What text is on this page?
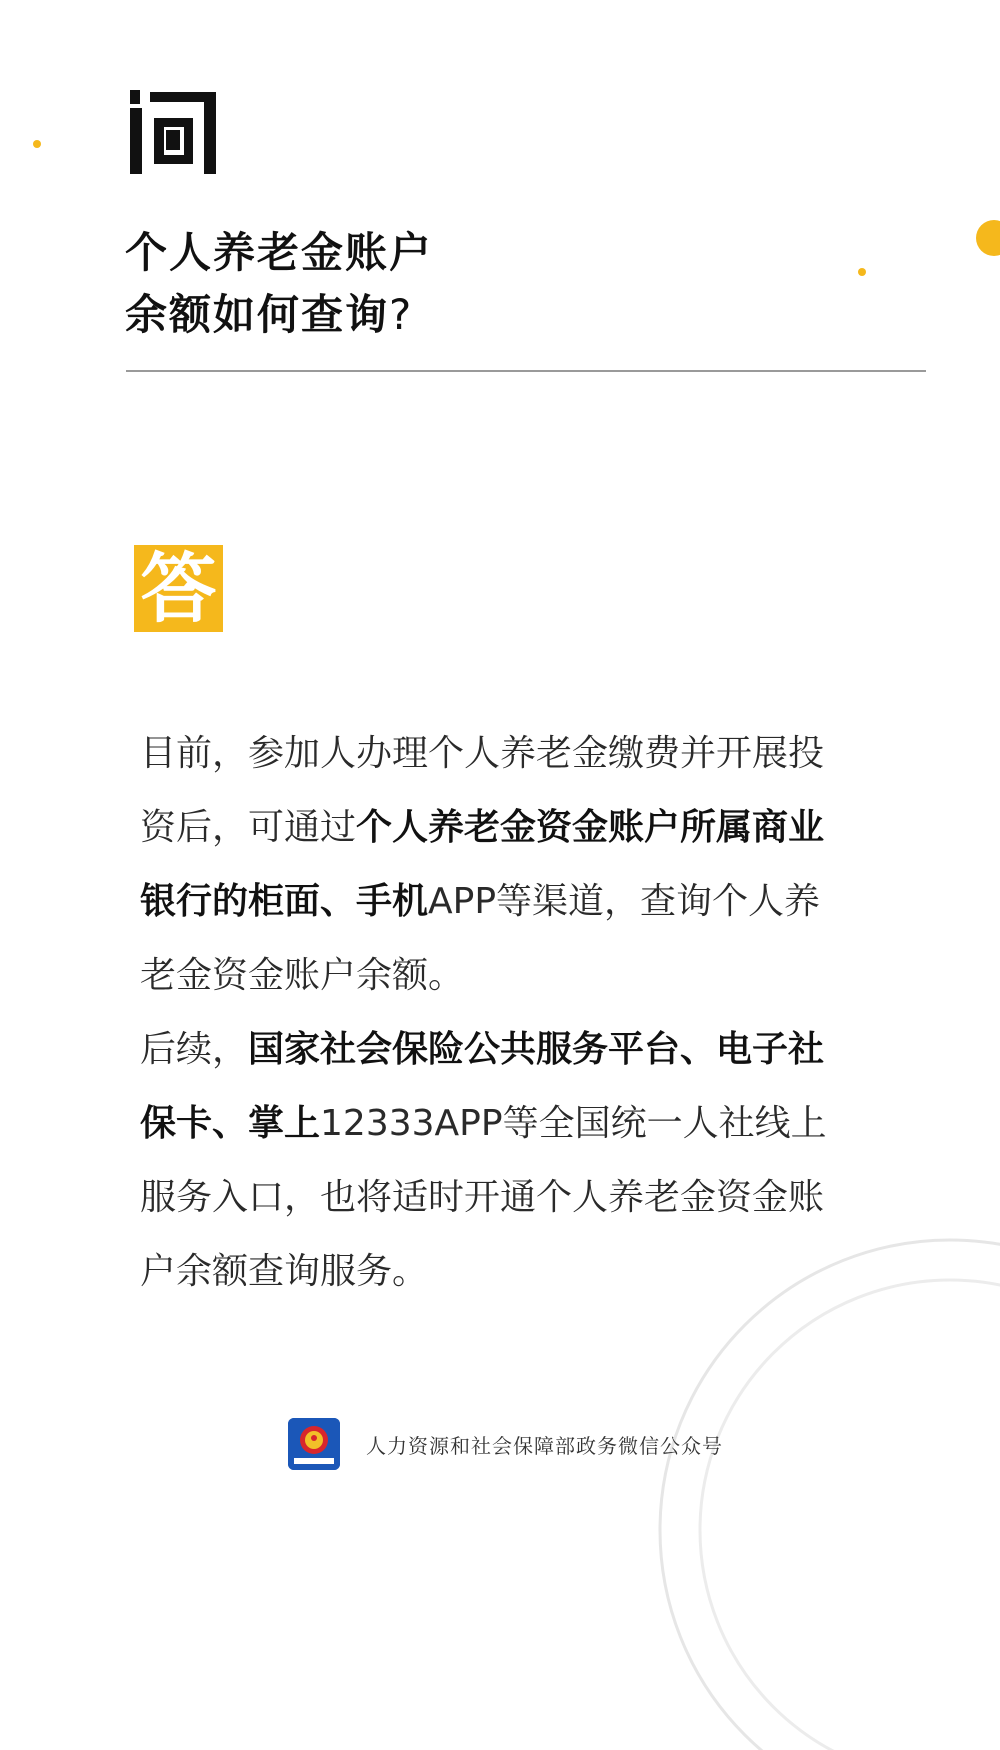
个人养老金账户
余额如何查询?
答

目前，参加人办理个人养老金缴费并开展投资后，可通过个人养老金资金账户所属商业银行的柜面、手机APP等渠道，查询个人养老金资金账户余额。

后续，国家社会保险公共服务平台、电子社保卡、掌上12333APP等全国统一人社线上服务入口，也将适时开通个人养老金资金账户余额查询服务。

人力资源和社会保障部政务微信公众号
